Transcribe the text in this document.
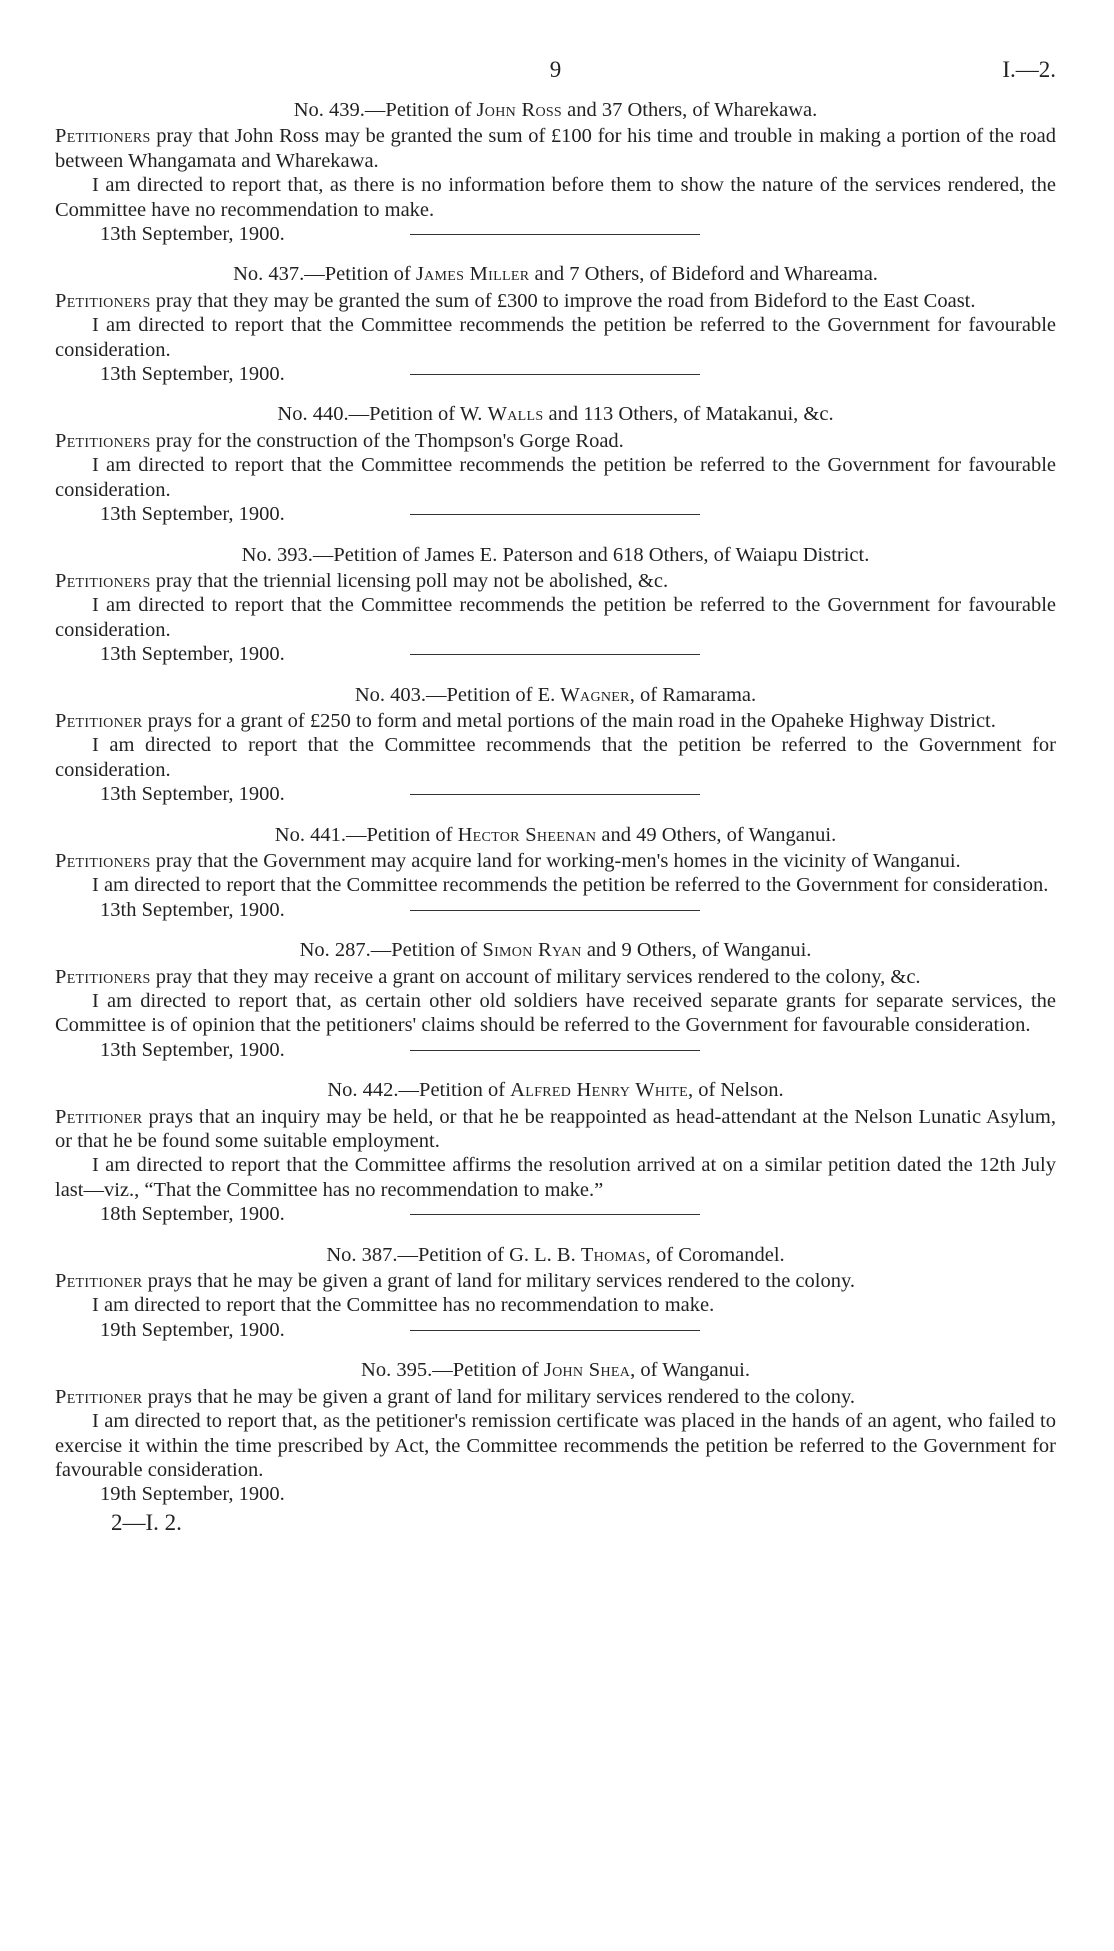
9	I.—2.

No. 439.—Petition of John Ross and 37 Others, of Wharekawa.

Petitioners pray that John Ross may be granted the sum of £100 for his time and trouble in making a portion of the road between Whangamata and Wharekawa.

I am directed to report that, as there is no information before them to show the nature of the services rendered, the Committee have no recommendation to make.

13th September, 1900.

No. 437.—Petition of James Miller and 7 Others, of Bideford and Whareama.

Petitioners pray that they may be granted the sum of £300 to improve the road from Bideford to the East Coast.

I am directed to report that the Committee recommends the petition be referred to the Government for favourable consideration.

13th September, 1900.

No. 440.—Petition of W. Walls and 113 Others, of Matakanui, &c.

Petitioners pray for the construction of the Thompson's Gorge Road.

I am directed to report that the Committee recommends the petition be referred to the Government for favourable consideration.

13th September, 1900.

No. 393.—Petition of James E. Paterson and 618 Others, of Waiapu District.

Petitioners pray that the triennial licensing poll may not be abolished, &c.

I am directed to report that the Committee recommends the petition be referred to the Government for favourable consideration.

13th September, 1900.

No. 403.—Petition of E. Wagner, of Ramarama.

Petitioner prays for a grant of £250 to form and metal portions of the main road in the Opaheke Highway District.

I am directed to report that the Committee recommends that the petition be referred to the Government for consideration.

13th September, 1900.

No. 441.—Petition of Hector Sheenan and 49 Others, of Wanganui.

Petitioners pray that the Government may acquire land for working-men's homes in the vicinity of Wanganui.

I am directed to report that the Committee recommends the petition be referred to the Government for consideration.

13th September, 1900.

No. 287.—Petition of Simon Ryan and 9 Others, of Wanganui.

Petitioners pray that they may receive a grant on account of military services rendered to the colony, &c.

I am directed to report that, as certain other old soldiers have received separate grants for separate services, the Committee is of opinion that the petitioners' claims should be referred to the Government for favourable consideration.

13th September, 1900.

No. 442.—Petition of Alfred Henry White, of Nelson.

Petitioner prays that an inquiry may be held, or that he be reappointed as head-attendant at the Nelson Lunatic Asylum, or that he be found some suitable employment.

I am directed to report that the Committee affirms the resolution arrived at on a similar petition dated the 12th July last—viz., “That the Committee has no recommendation to make.”

18th September, 1900.

No. 387.—Petition of G. L. B. Thomas, of Coromandel.

Petitioner prays that he may be given a grant of land for military services rendered to the colony.

I am directed to report that the Committee has no recommendation to make.

19th September, 1900.

No. 395.—Petition of John Shea, of Wanganui.

Petitioner prays that he may be given a grant of land for military services rendered to the colony.

I am directed to report that, as the petitioner's remission certificate was placed in the hands of an agent, who failed to exercise it within the time prescribed by Act, the Committee recommends the petition be referred to the Government for favourable consideration.

19th September, 1900.

2—I. 2.
